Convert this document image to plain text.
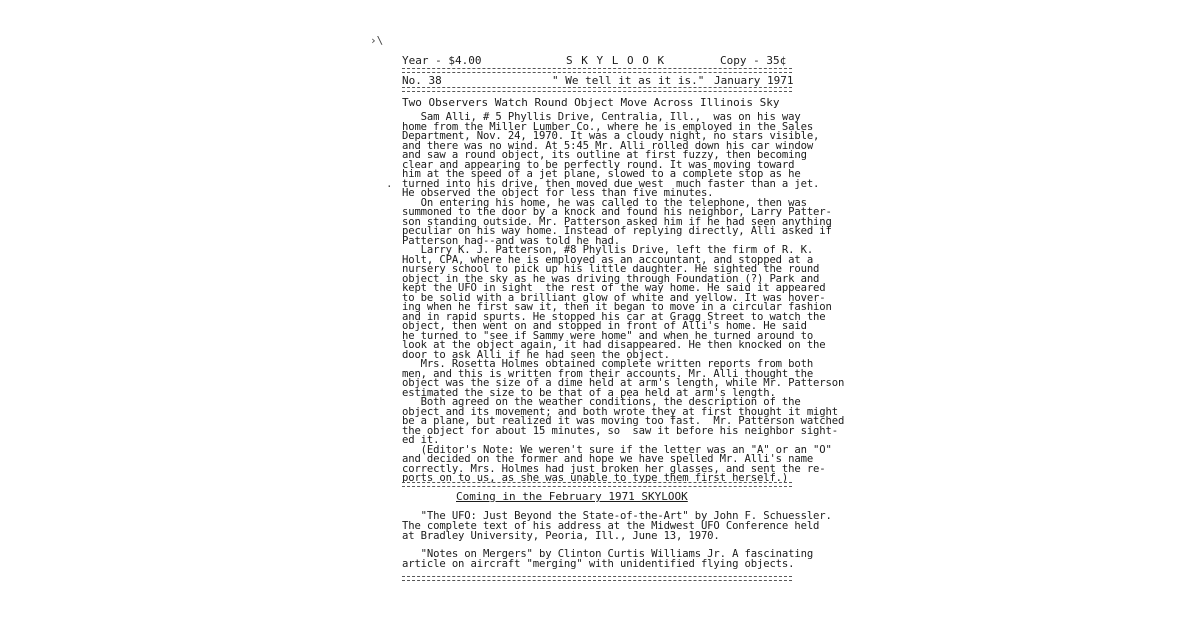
›\
·
Year - $4.00	S K Y L O O K	Copy - 35¢
No. 38	" We tell it as it is." January 1971
Two Observers Watch Round Object Move Across Illinois Sky
Sam Alli, # 5 Phyllis Drive, Centralia, Ill.,  was on his way
home from the Miller Lumber Co., where he is employed in the Sales
Department, Nov. 24, 1970. It was a cloudy night, no stars visible,
and there was no wind. At 5:45 Mr. Alli rolled down his car window
and saw a round object, its outline at first fuzzy, then becoming
clear and appearing to be perfectly round. It was moving toward
him at the speed of a jet plane, slowed to a complete stop as he
turned into his drive, then moved due west  much faster than a jet.
He observed the object for less than five minutes.
On entering his home, he was called to the telephone, then was
summoned to the door by a knock and found his neighbor, Larry Patter-
son standing outside. Mr. Patterson asked him if he had seen anything
peculiar on his way home. Instead of replying directly, Alli asked if
Patterson had--and was told he had.
Larry K. J. Patterson, #8 Phyllis Drive, left the firm of R. K.
Holt, CPA, where he is employed as an accountant, and stopped at a
nursery school to pick up his little daughter. He sighted the round
object in the sky as he was driving through Foundation (?) Park and
kept the UFO in sight  the rest of the way home. He said it appeared
to be solid with a brilliant glow of white and yellow. It was hover-
ing when he first saw it, then it began to move in a circular fashion
and in rapid spurts. He stopped his car at Gragg Street to watch the
object, then went on and stopped in front of Alli's home. He said
he turned to "see if Sammy were home" and when he turned around to
look at the object again, it had disappeared. He then knocked on the
door to ask Alli if he had seen the object.
Mrs. Rosetta Holmes obtained complete written reports from both
men, and this is written from their accounts. Mr. Alli thought the
object was the size of a dime held at arm's length, while Mr. Patterson
estimated the size to be that of a pea held at arm's length.
Both agreed on the weather conditions, the description of the
object and its movement; and both wrote they at first thought it might
be a plane, but realized it was moving too fast.  Mr. Patterson watched
the object for about 15 minutes, so  saw it before his neighbor sight-
ed it.
(Editor's Note: We weren't sure if the letter was an "A" or an "O"
and decided on the former and hope we have spelled Mr. Alli's name
correctly. Mrs. Holmes had just broken her glasses, and sent the re-
ports on to us, as she was unable to type them first herself.)
Coming in the February 1971 SKYLOOK
"The UFO: Just Beyond the State-of-the-Art" by John F. Schuessler.
The complete text of his address at the Midwest UFO Conference held
at Bradley University, Peoria, Ill., June 13, 1970.
"Notes on Mergers" by Clinton Curtis Williams Jr. A fascinating
article on aircraft "merging" with unidentified flying objects.
